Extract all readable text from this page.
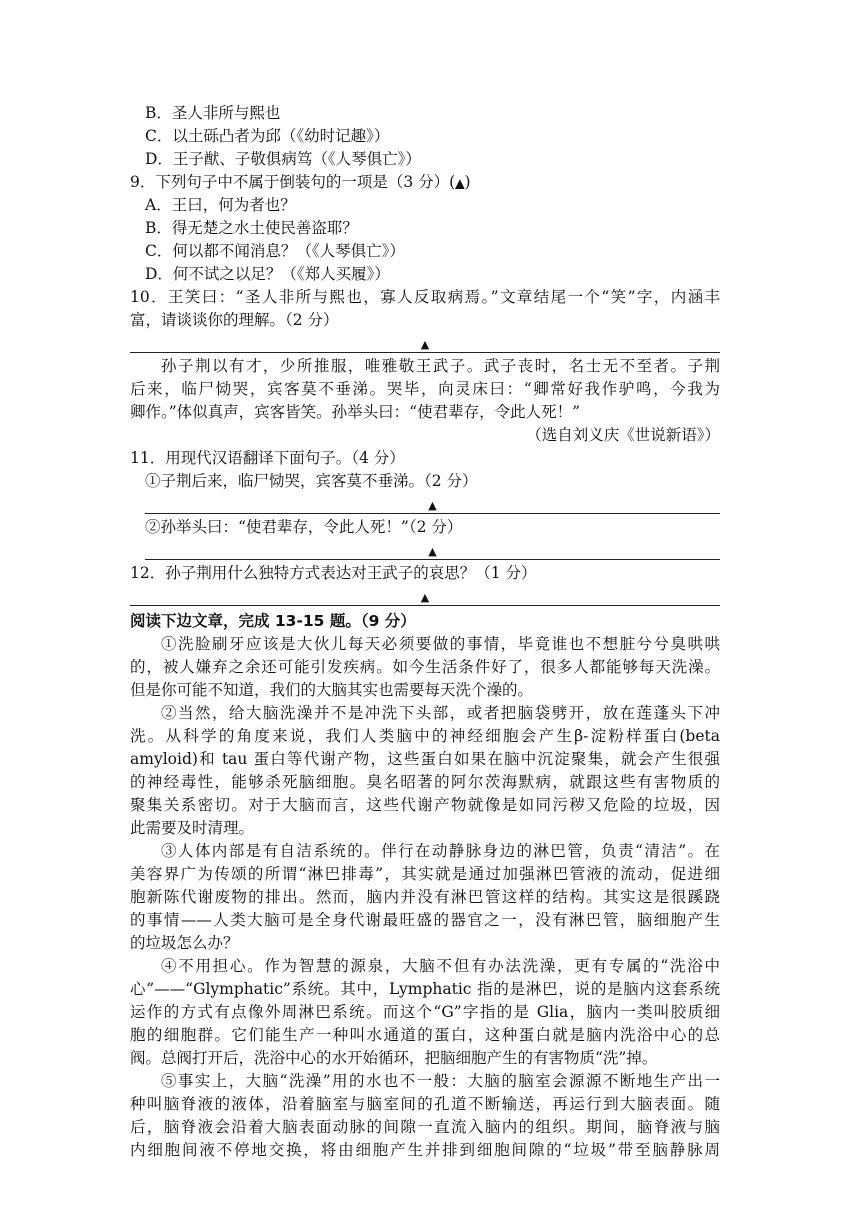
B．圣人非所与熙也
C．以土砾凸者为邱（《幼时记趣》）
D．王子猷、子敬俱病笃（《人琴俱亡》）
9．下列句子中不属于倒装句的一项是（3 分）(▲)
A．王曰，何为者也？
B．得无楚之水土使民善盗耶？
C．何以都不闻消息？（《人琴俱亡》）
D．何不试之以足？（《郑人买履》）
10．王笑曰：“圣人非所与熙也，寡人反取病焉。”文章结尾一个“笑”字，内涵丰
富，请谈谈你的理解。（2 分）
▲
孙子荆以有才，少所推服，唯雅敬王武子。武子丧时，名士无不至者。子荆
后来，临尸恸哭，宾客莫不垂涕。哭毕，向灵床曰：“卿常好我作驴鸣，今我为
卿作。”体似真声，宾客皆笑。孙举头曰：“使君辈存，令此人死！”
（选自刘义庆《世说新语》）
11．用现代汉语翻译下面句子。（4 分）
①子荆后来，临尸恸哭，宾客莫不垂涕。（2 分）
▲
②孙举头曰：“使君辈存，令此人死！”（2 分）
▲
12．孙子荆用什么独特方式表达对王武子的哀思？（1 分）
▲
阅读下边文章，完成 13-15 题。（9 分）
①洗脸刷牙应该是大伙儿每天必须要做的事情，毕竟谁也不想脏兮兮臭哄哄
的，被人嫌弃之余还可能引发疾病。如今生活条件好了，很多人都能够每天洗澡。
但是你可能不知道，我们的大脑其实也需要每天洗个澡的。
②当然，给大脑洗澡并不是冲洗下头部，或者把脑袋劈开，放在莲蓬头下冲
洗。从科学的角度来说，我们人类脑中的神经细胞会产生β-淀粉样蛋白(beta
amyloid)和 tau 蛋白等代谢产物，这些蛋白如果在脑中沉淀聚集，就会产生很强
的神经毒性，能够杀死脑细胞。臭名昭著的阿尔茨海默病，就跟这些有害物质的
聚集关系密切。对于大脑而言，这些代谢产物就像是如同污秽又危险的垃圾，因
此需要及时清理。
③人体内部是有自洁系统的。伴行在动静脉身边的淋巴管，负责“清洁”。在
美容界广为传颂的所谓“淋巴排毒”，其实就是通过加强淋巴管液的流动，促进细
胞新陈代谢废物的排出。然而，脑内并没有淋巴管这样的结构。其实这是很蹊跷
的事情——人类大脑可是全身代谢最旺盛的器官之一，没有淋巴管，脑细胞产生
的垃圾怎么办？
④不用担心。作为智慧的源泉，大脑不但有办法洗澡，更有专属的“洗浴中
心”——“Glymphatic”系统。其中，Lymphatic 指的是淋巴，说的是脑内这套系统
运作的方式有点像外周淋巴系统。而这个“G”字指的是 Glia，脑内一类叫胶质细
胞的细胞群。它们能生产一种叫水通道的蛋白，这种蛋白就是脑内洗浴中心的总
阀。总阀打开后，洗浴中心的水开始循环，把脑细胞产生的有害物质“洗”掉。
⑤事实上，大脑“洗澡”用的水也不一般：大脑的脑室会源源不断地生产出一
种叫脑脊液的液体，沿着脑室与脑室间的孔道不断输送，再运行到大脑表面。随
后，脑脊液会沿着大脑表面动脉的间隙一直流入脑内的组织。期间，脑脊液与脑
内细胞间液不停地交换，将由细胞产生并排到细胞间隙的“垃圾”带至脑静脉周
